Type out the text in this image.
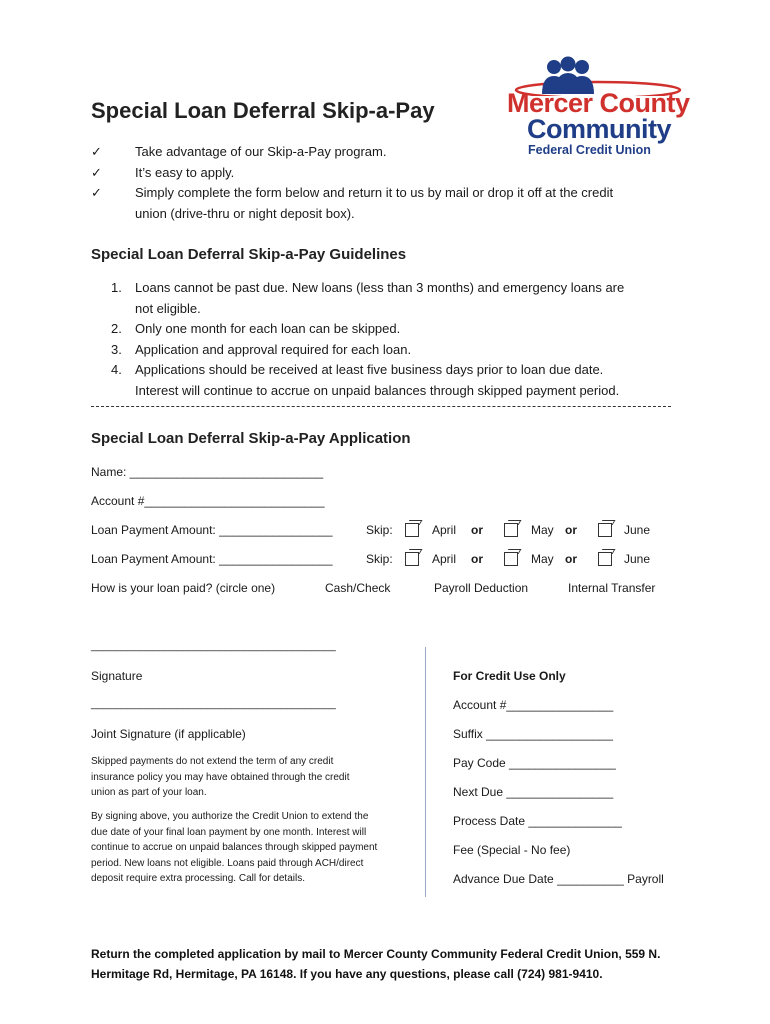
Special Loan Deferral Skip-a-Pay	Mercer County
Community
Federal Credit Union
✓	Take advantage of our Skip-a-Pay program.
✓	It’s easy to apply.
✓	Simply complete the form below and return it to us by mail or drop it off at the credit
union (drive-thru or night deposit box).
Special Loan Deferral Skip-a-Pay Guidelines
1. Loans cannot be past due. New loans (less than 3 months) and emergency loans are
not eligible.
2. Only one month for each loan can be skipped.
3. Application and approval required for each loan.
4. Applications should be received at least five business days prior to loan due date.
Interest will continue to accrue on unpaid balances through skipped payment period.
Special Loan Deferral Skip-a-Pay Application
Name: _____________________________
Account #___________________________
Loan Payment Amount: _________________	Skip:	April or	May or	June
Loan Payment Amount: _________________	Skip:	April or	May or	June
How is your loan paid? (circle one)	Cash/Check	Payroll Deduction	Internal Transfer
________________________________________
Signature
________________________________________
Joint Signature (if applicable)
Skipped payments do not extend the term of any credit insurance policy you may have obtained through the credit union as part of your loan.
By signing above, you authorize the Credit Union to extend the due date of your final loan payment by one month. Interest will continue to accrue on unpaid balances through skipped payment period. New loans not eligible. Loans paid through ACH/direct deposit require extra processing. Call for details.
For Credit Use Only
Account #________________
Suffix ___________________
Pay Code ________________
Next Due ________________
Process Date ______________
Fee (Special - No fee)
Advance Due Date __________ Payroll
Return the completed application by mail to Mercer County Community Federal Credit Union, 559 N.
Hermitage Rd, Hermitage, PA 16148. If you have any questions, please call (724) 981-9410.
